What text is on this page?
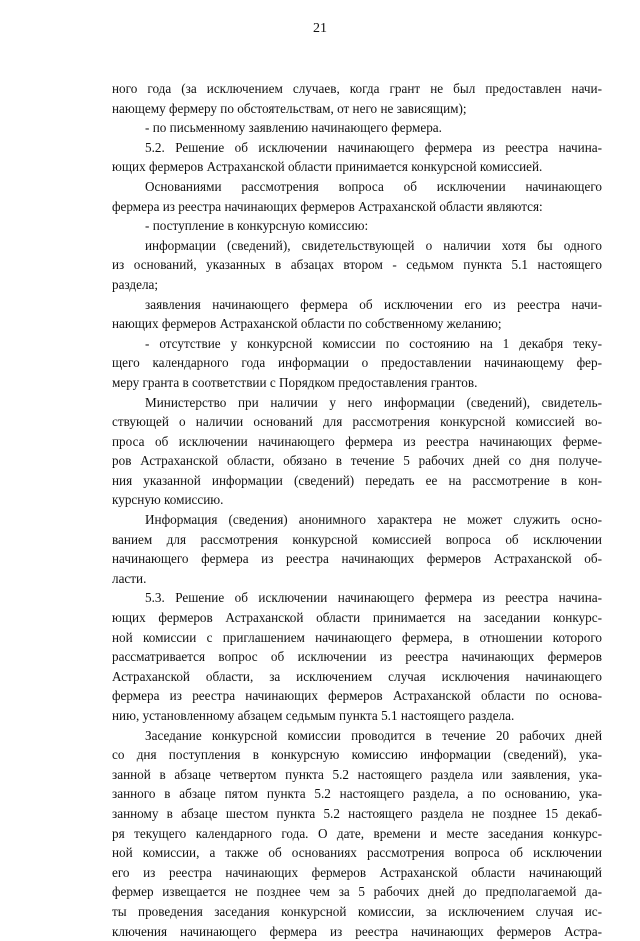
21
ного года (за исключением случаев, когда грант не был предоставлен начи-
нающему фермеру по обстоятельствам, от него не зависящим);
- по письменному заявлению начинающего фермера.
5.2. Решение об исключении начинающего фермера из реестра начина-
ющих фермеров Астраханской области принимается конкурсной комиссией.
Основаниями рассмотрения вопроса об исключении начинающего
фермера из реестра начинающих фермеров Астраханской области являются:
- поступление в конкурсную комиссию:
информации (сведений), свидетельствующей о наличии хотя бы одного
из оснований, указанных в абзацах втором - седьмом пункта 5.1 настоящего
раздела;
заявления начинающего фермера об исключении его из реестра начи-
нающих фермеров Астраханской области по собственному желанию;
- отсутствие у конкурсной комиссии по состоянию на 1 декабря теку-
щего календарного года информации о предоставлении начинающему фер-
меру гранта в соответствии с Порядком предоставления грантов.
Министерство при наличии у него информации (сведений), свидетель-
ствующей о наличии оснований для рассмотрения конкурсной комиссией во-
проса об исключении начинающего фермера из реестра начинающих ферме-
ров Астраханской области, обязано в течение 5 рабочих дней со дня получе-
ния указанной информации (сведений) передать ее на рассмотрение в кон-
курсную комиссию.
Информация (сведения) анонимного характера не может служить осно-
ванием для рассмотрения конкурсной комиссией вопроса об исключении
начинающего фермера из реестра начинающих фермеров Астраханской об-
ласти.
5.3. Решение об исключении начинающего фермера из реестра начина-
ющих фермеров Астраханской области принимается на заседании конкурс-
ной комиссии с приглашением начинающего фермера, в отношении которого
рассматривается вопрос об исключении из реестра начинающих фермеров
Астраханской области, за исключением случая исключения начинающего
фермера из реестра начинающих фермеров Астраханской области по основа-
нию, установленному абзацем седьмым пункта 5.1 настоящего раздела.
Заседание конкурсной комиссии проводится в течение 20 рабочих дней
со дня поступления в конкурсную комиссию информации (сведений), ука-
занной в абзаце четвертом пункта 5.2 настоящего раздела или заявления, ука-
занного в абзаце пятом пункта 5.2 настоящего раздела, а по основанию, ука-
занному в абзаце шестом пункта 5.2 настоящего раздела не позднее 15 декаб-
ря текущего календарного года. О дате, времени и месте заседания конкурс-
ной комиссии, а также об основаниях рассмотрения вопроса об исключении
его из реестра начинающих фермеров Астраханской области начинающий
фермер извещается не позднее чем за 5 рабочих дней до предполагаемой да-
ты проведения заседания конкурсной комиссии, за исключением случая ис-
ключения начинающего фермера из реестра начинающих фермеров Астра-
